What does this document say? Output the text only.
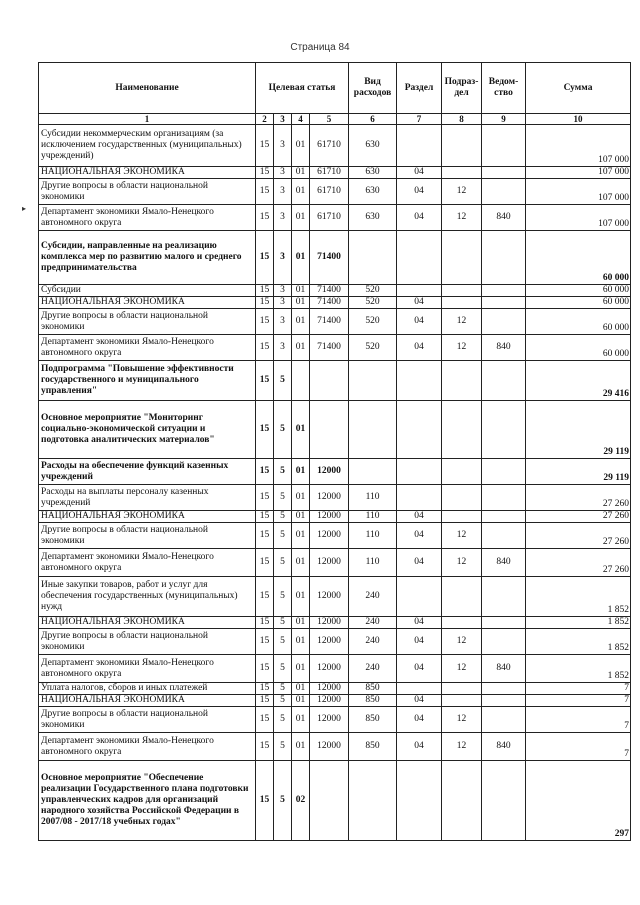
Страница 84
▸
Наименование	Целевая статья				Вид расходов	Раздел	Подраз-дел	Ведом-ство	Сумма
1	2	3	4	5	6	7	8	9	10
Субсидии некоммерческим организациям (за исключением государственных (муниципальных) учреждений)	15	3	01	61710	630				107 000
НАЦИОНАЛЬНАЯ ЭКОНОМИКА	15	3	01	61710	630	04			107 000
Другие вопросы в области национальной экономики	15	3	01	61710	630	04	12		107 000
Департамент экономики Ямало-Ненецкого автономного округа	15	3	01	61710	630	04	12	840	107 000
Субсидии, направленные на реализацию комплекса мер по развитию малого и среднего предпринимательства	15	3	01	71400					60 000
Субсидии	15	3	01	71400	520				60 000
НАЦИОНАЛЬНАЯ ЭКОНОМИКА	15	3	01	71400	520	04			60 000
Другие вопросы в области национальной экономики	15	3	01	71400	520	04	12		60 000
Департамент экономики Ямало-Ненецкого автономного округа	15	3	01	71400	520	04	12	840	60 000
Подпрограмма "Повышение эффективности государственного и муниципального управления"	15	5							29 416
Основное мероприятие "Мониторинг социально-экономической ситуации и подготовка аналитических материалов"	15	5	01						29 119
Расходы на обеспечение функций казенных учреждений	15	5	01	12000					29 119
Расходы на выплаты персоналу казенных учреждений	15	5	01	12000	110				27 260
НАЦИОНАЛЬНАЯ ЭКОНОМИКА	15	5	01	12000	110	04			27 260
Другие вопросы в области национальной экономики	15	5	01	12000	110	04	12		27 260
Департамент экономики Ямало-Ненецкого автономного округа	15	5	01	12000	110	04	12	840	27 260
Иные закупки товаров, работ и услуг для обеспечения государственных (муниципальных) нужд	15	5	01	12000	240				1 852
НАЦИОНАЛЬНАЯ ЭКОНОМИКА	15	5	01	12000	240	04			1 852
Другие вопросы в области национальной экономики	15	5	01	12000	240	04	12		1 852
Департамент экономики Ямало-Ненецкого автономного округа	15	5	01	12000	240	04	12	840	1 852
Уплата налогов, сборов и иных платежей	15	5	01	12000	850				7
НАЦИОНАЛЬНАЯ ЭКОНОМИКА	15	5	01	12000	850	04			7
Другие вопросы в области национальной экономики	15	5	01	12000	850	04	12		7
Департамент экономики Ямало-Ненецкого автономного округа	15	5	01	12000	850	04	12	840	7
Основное мероприятие "Обеспечение реализации Государственного плана подготовки управленческих кадров для организаций народного хозяйства Российской Федерации в 2007/08 - 2017/18 учебных годах"	15	5	02						297
